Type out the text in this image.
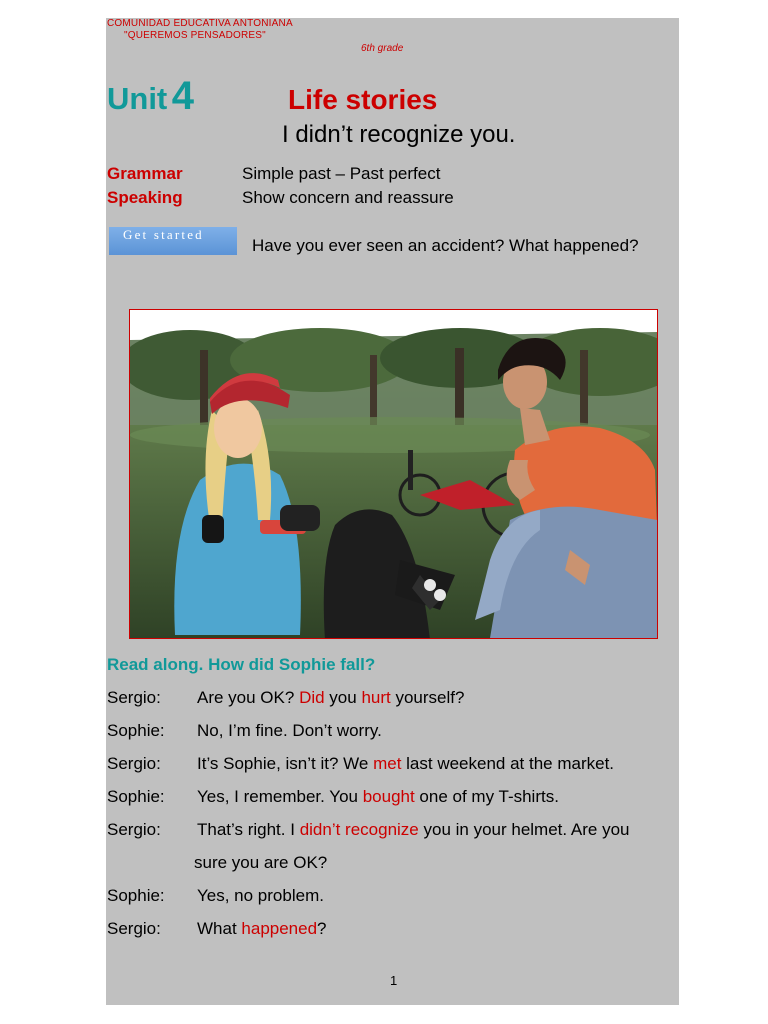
COMUNIDAD EDUCATIVA ANTONIANA
"QUEREMOS PENSADORES"
6th grade
Unit 4	Life stories
I didn’t recognize you.
Grammar	Simple past – Past perfect
Speaking	Show concern and reassure
Get started
Have you ever seen an accident? What happened?
Read along. How did Sophie fall?
Sergio: Are you OK? Did you hurt yourself?
Sophie: No, I’m fine. Don’t worry.
Sergio: It’s Sophie, isn’t it? We met last weekend at the market.
Sophie: Yes, I remember. You bought one of my T-shirts.
Sergio: That’s right. I didn’t recognize you in your helmet. Are you
sure you are OK?
Sophie: Yes, no problem.
Sergio: What happened?
1
